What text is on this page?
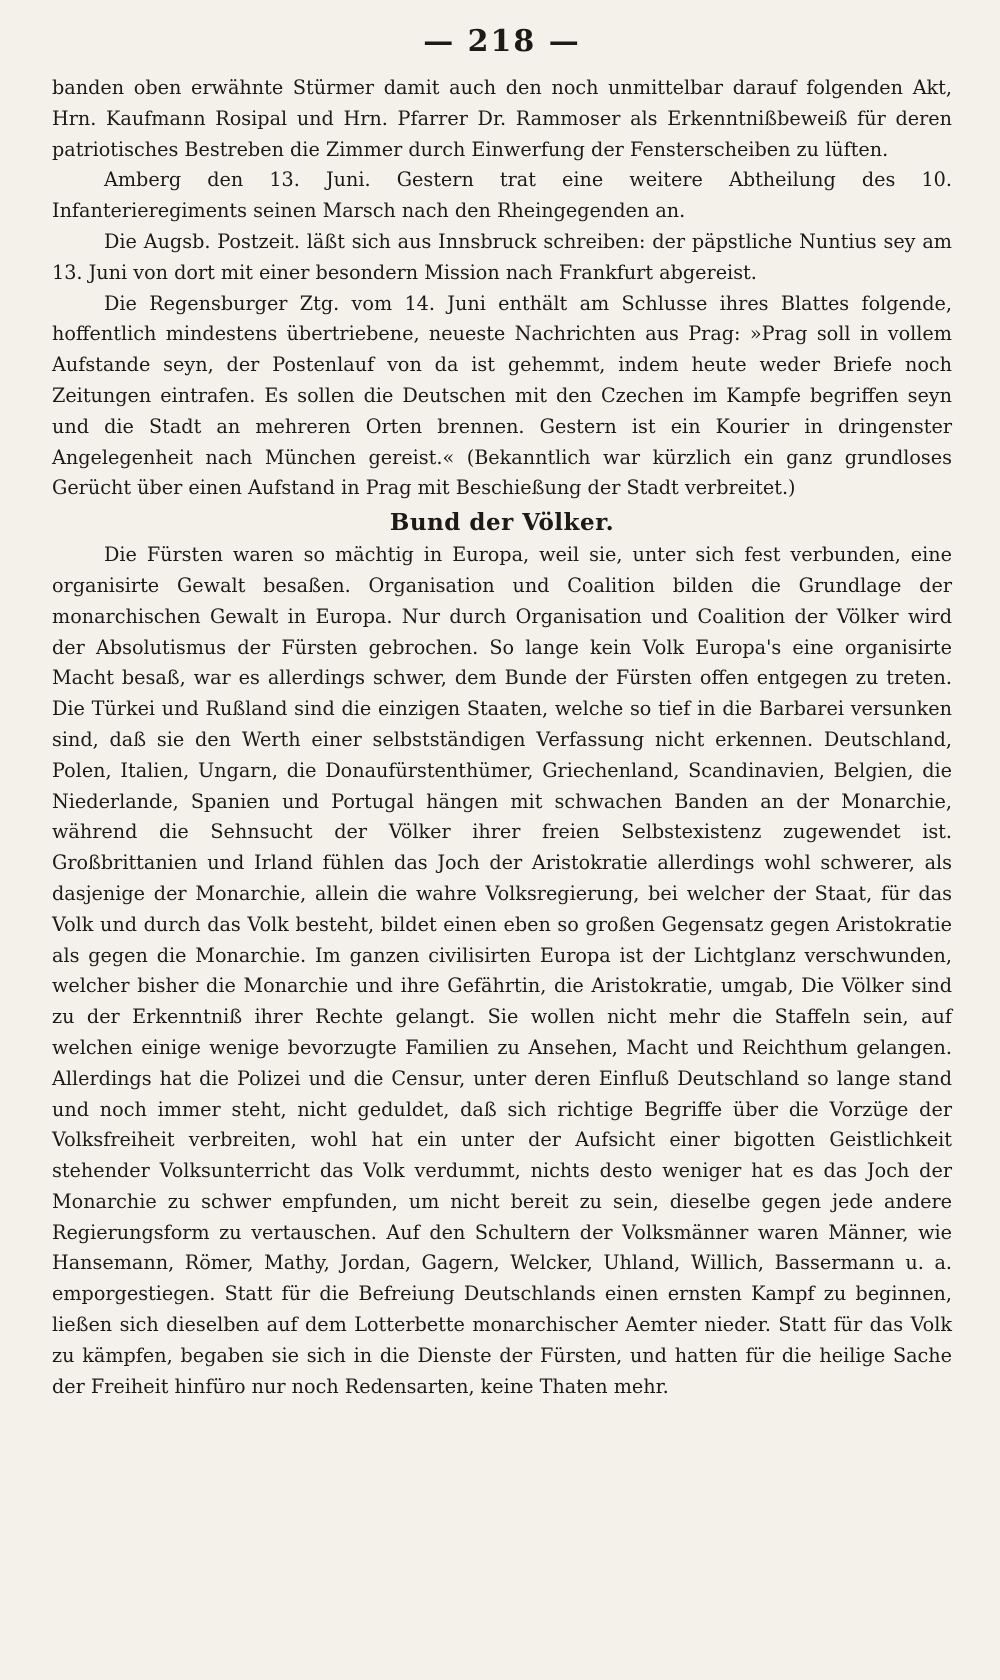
— 218 —

banden oben erwähnte Stürmer damit auch den noch unmittelbar darauf folgenden Akt, Hrn. Kaufmann Rosipal und Hrn. Pfarrer Dr. Rammoser als Erkenntnißbeweiß für deren patriotisches Bestreben die Zimmer durch Einwerfung der Fensterscheiben zu lüften.

Amberg den 13. Juni. Gestern trat eine weitere Abtheilung des 10. Infanterieregiments seinen Marsch nach den Rheingegenden an.

Die Augsb. Postzeit. läßt sich aus Innsbruck schreiben: der päpstliche Nuntius sey am 13. Juni von dort mit einer besondern Mission nach Frankfurt abgereist.

Die Regensburger Ztg. vom 14. Juni enthält am Schlusse ihres Blattes folgende, hoffentlich mindestens übertriebene, neueste Nachrichten aus Prag: »Prag soll in vollem Aufstande seyn, der Postenlauf von da ist gehemmt, indem heute weder Briefe noch Zeitungen eintrafen. Es sollen die Deutschen mit den Czechen im Kampfe begriffen seyn und die Stadt an mehreren Orten brennen. Gestern ist ein Kourier in dringenster Angelegenheit nach München gereist.« (Bekanntlich war kürzlich ein ganz grundloses Gerücht über einen Aufstand in Prag mit Beschießung der Stadt verbreitet.)

Bund der Völker.

Die Fürsten waren so mächtig in Europa, weil sie, unter sich fest verbunden, eine organisirte Gewalt besaßen. Organisation und Coalition bilden die Grundlage der monarchischen Gewalt in Europa. Nur durch Organisation und Coalition der Völker wird der Absolutismus der Fürsten gebrochen. So lange kein Volk Europa's eine organisirte Macht besaß, war es allerdings schwer, dem Bunde der Fürsten offen entgegen zu treten. Die Türkei und Rußland sind die einzigen Staaten, welche so tief in die Barbarei versunken sind, daß sie den Werth einer selbstständigen Verfassung nicht erkennen. Deutschland, Polen, Italien, Ungarn, die Donaufürstenthümer, Griechenland, Scandinavien, Belgien, die Niederlande, Spanien und Portugal hängen mit schwachen Banden an der Monarchie, während die Sehnsucht der Völker ihrer freien Selbstexistenz zugewendet ist. Großbrittanien und Irland fühlen das Joch der Aristokratie allerdings wohl schwerer, als dasjenige der Monarchie, allein die wahre Volksregierung, bei welcher der Staat, für das Volk und durch das Volk besteht, bildet einen eben so großen Gegensatz gegen Aristokratie als gegen die Monarchie. Im ganzen civilisirten Europa ist der Lichtglanz verschwunden, welcher bisher die Monarchie und ihre Gefährtin, die Aristokratie, umgab, Die Völker sind zu der Erkenntniß ihrer Rechte gelangt. Sie wollen nicht mehr die Staffeln sein, auf welchen einige wenige bevorzugte Familien zu Ansehen, Macht und Reichthum gelangen. Allerdings hat die Polizei und die Censur, unter deren Einfluß Deutschland so lange stand und noch immer steht, nicht geduldet, daß sich richtige Begriffe über die Vorzüge der Volksfreiheit verbreiten, wohl hat ein unter der Aufsicht einer bigotten Geistlichkeit stehender Volksunterricht das Volk verdummt, nichts desto weniger hat es das Joch der Monarchie zu schwer empfunden, um nicht bereit zu sein, dieselbe gegen jede andere Regierungsform zu vertauschen. Auf den Schultern der Volksmänner waren Männer, wie Hansemann, Römer, Mathy, Jordan, Gagern, Welcker, Uhland, Willich, Bassermann u. a. emporgestiegen. Statt für die Befreiung Deutschlands einen ernsten Kampf zu beginnen, ließen sich dieselben auf dem Lotterbette monarchischer Aemter nieder. Statt für das Volk zu kämpfen, begaben sie sich in die Dienste der Fürsten, und hatten für die heilige Sache der Freiheit hinfüro nur noch Redensarten, keine Thaten mehr.
